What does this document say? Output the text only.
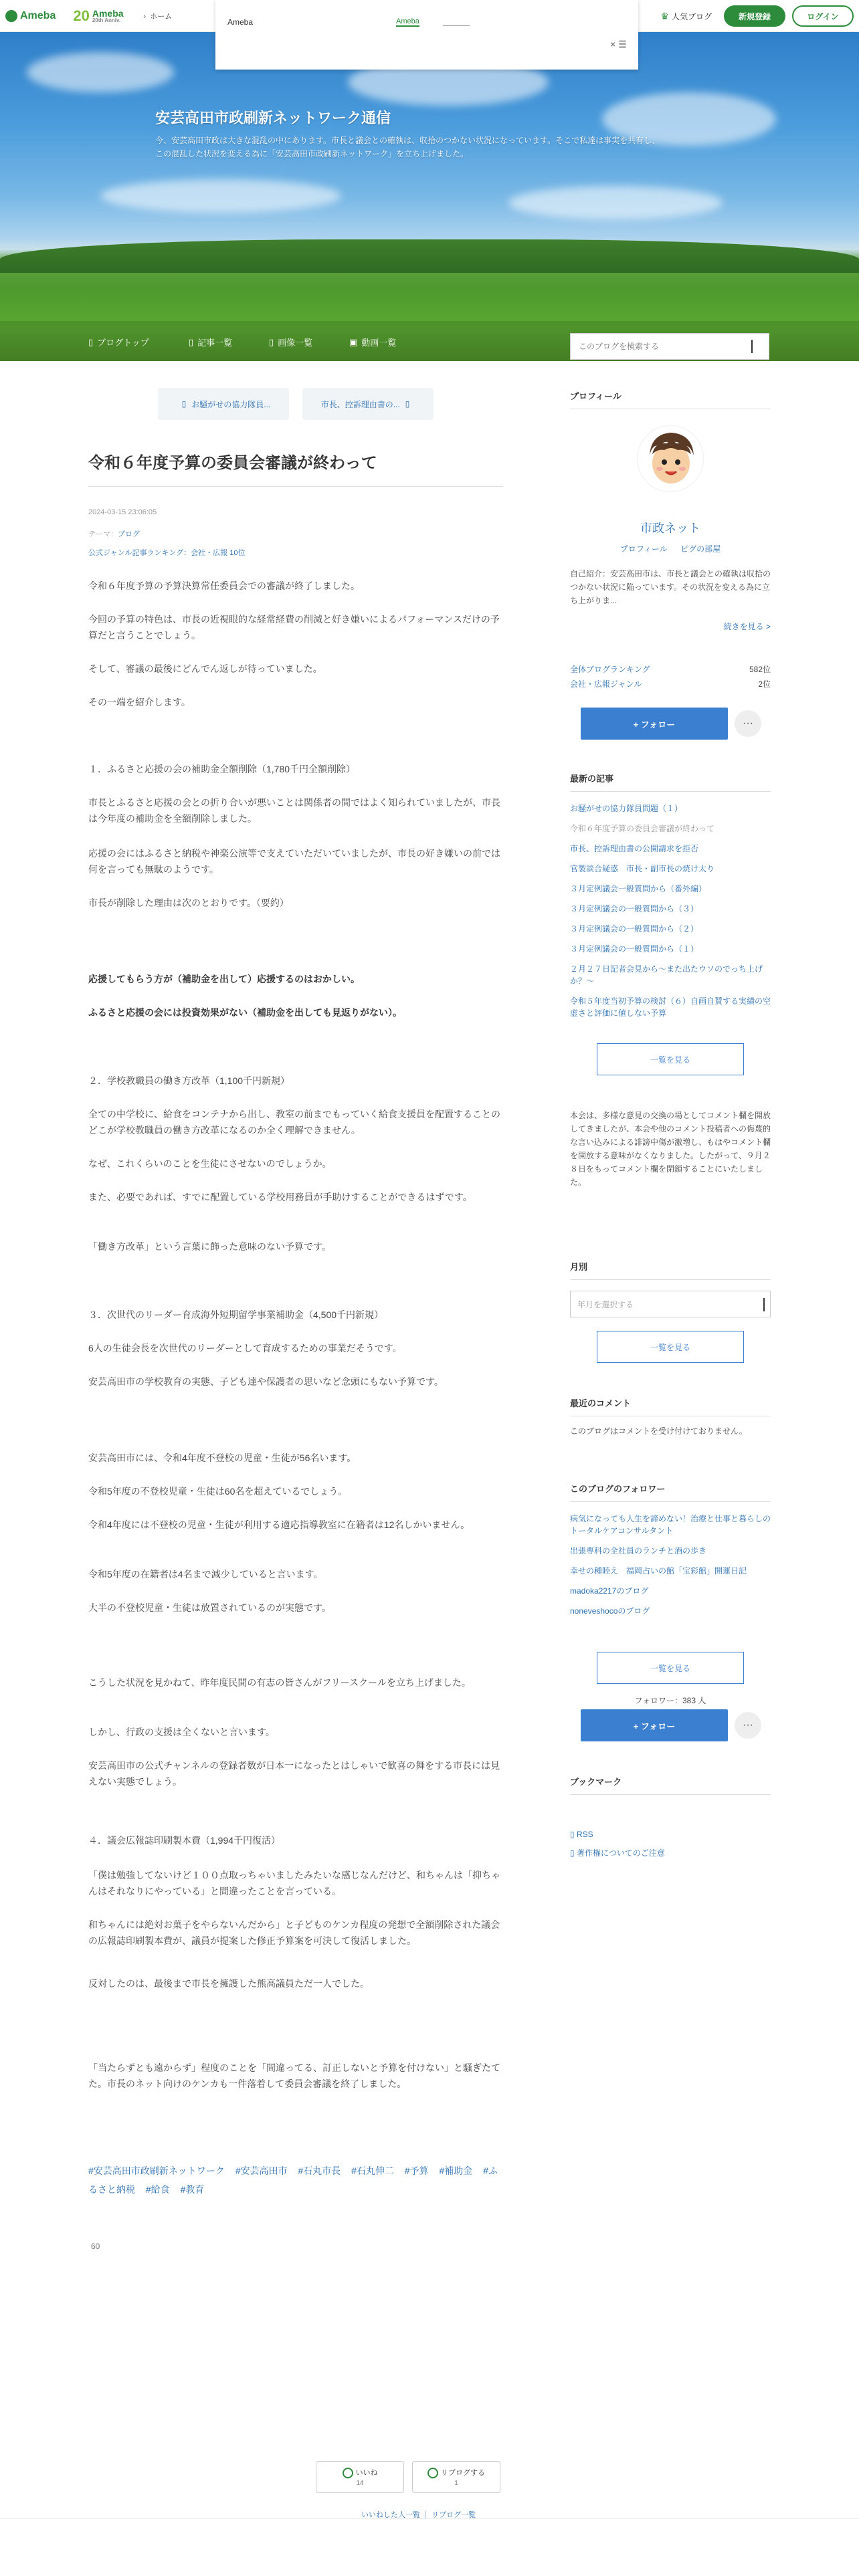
Ameba 20 Ameba
20th Anniv.
›	ホーム	♛ 人気ブログ	新規登録	ログイン
Ameba	Ameba
× ☰
安芸高田市政刷新ネットワーク通信
今、安芸高田市政は大きな混乱の中にあります。市長と議会との確執は、収拾のつかない状況になっています。そこで私達は事実を共有し、この混乱した状況を変える為に「安芸高田市政刷新ネットワーク」を立ち上げました。
▯ ブログトップ	▯ 記事一覧	▯ 画像一覧	▣ 動画一覧
このブログを検索する
▯ お騒がせの協力隊員...	市長、控訴理由書の... ▯
令和６年度予算の委員会審議が終わって
2024-03-15 23:06:05
テーマ：ブログ
公式ジャンル記事ランキング：会社・広報 10位

令和６年度予算の予算決算常任委員会での審議が終了しました。

今回の予算の特色は、市長の近視眼的な経常経費の削減と好き嫌いによるパフォーマンスだけの予算だと言うことでしょう。

そして、審議の最後にどんでん返しが待っていました。

その一端を紹介します。

１．ふるさと応援の会の補助金全額削除（1,780千円全額削除）

市長とふるさと応援の会との折り合いが悪いことは関係者の間ではよく知られていましたが、市長は今年度の補助金を全額削除しました。

応援の会にはふるさと納税や神楽公演等で支えていただいていましたが、市長の好き嫌いの前では何を言っても無駄のようです。

市長が削除した理由は次のとおりです。（要約）

応援してもらう方が（補助金を出して）応援するのはおかしい。

ふるさと応援の会には投資効果がない（補助金を出しても見返りがない）。

２．学校教職員の働き方改革（1,100千円新規）

全ての中学校に、給食をコンテナから出し、教室の前までもっていく給食支援員を配置することのどこが学校教職員の働き方改革になるのか全く理解できません。

なぜ、これくらいのことを生徒にさせないのでしょうか。

また、必要であれば、すでに配置している学校用務員が手助けすることができるはずです。

「働き方改革」という言葉に飾った意味のない予算です。

３．次世代のリーダー育成海外短期留学事業補助金（4,500千円新規）

6人の生徒会長を次世代のリーダーとして育成するための事業だそうです。

安芸高田市の学校教育の実態、子ども達や保護者の思いなど念頭にもない予算です。

安芸高田市には、令和4年度不登校の児童・生徒が56名います。

令和5年度の不登校児童・生徒は60名を超えているでしょう。

令和4年度には不登校の児童・生徒が利用する適応指導教室に在籍者は12名しかいません。

令和5年度の在籍者は4名まで減少していると言います。

大半の不登校児童・生徒は放置されているのが実態です。

こうした状況を見かねて、昨年度民間の有志の皆さんがフリースクールを立ち上げました。

しかし、行政の支援は全くないと言います。

安芸高田市の公式チャンネルの登録者数が日本一になったとはしゃいで歓喜の舞をする市長には見えない実態でしょう。

４．議会広報誌印刷製本費（1,994千円復活）

「僕は勉強してないけど１００点取っちゃいましたみたいな感じなんだけど、和ちゃんは「抑ちゃんはそれなりにやっている」と間違ったことを言っている。

和ちゃんには絶対お菓子をやらないんだから」と子どものケンカ程度の発想で全額削除された議会の広報誌印刷製本費が、議員が提案した修正予算案を可決して復活しました。

反対したのは、最後まで市長を擁護した熊高議員ただ一人でした。

「当たらずとも遠からず」程度のことを「間違ってる、訂正しないと予算を付けない」と騒ぎたてた。市長のネット向けのケンカも一件落着して委員会審議を終了しました。

#安芸高田市政刷新ネットワーク #安芸高田市 #石丸市長 #石丸伸二 #予算 #補助金 #ふるさと納税 #給食 #教育
60
いいね
14
リブログする
1
いいねした人一覧 ｜ リブログ一覧
プロフィール
市政ネット
プロフィール ピグの部屋
自己紹介：安芸高田市は、市長と議会との確執は収拾のつかない状況に陥っています。その状況を変える為に立ち上がりま...
続きを見る >
全体ブログランキング	582位
会社・広報ジャンル	2位
+ フォロー	···
最新の記事
お騒がせの協力隊員問題（１）
令和６年度予算の委員会審議が終わって
市長、控訴理由書の公開請求を拒否
官製談合疑惑　市長・副市長の焼け太り
３月定例議会一般質問から（番外編）
３月定例議会の一般質問から（３）
３月定例議会の一般質問から（２）
３月定例議会の一般質問から（１）
２月２７日記者会見から～また出たウソのでっち上げか？～
令和５年度当初予算の検討（６）自画自賛する実績の空虚さと評価に値しない予算
一覧を見る
本会は、多様な意見の交換の場としてコメント欄を開放してきましたが、本会や他のコメント投稿者への侮蔑的な言い込みによる誹謗中傷が激増し、もはやコメント欄を開放する意味がなくなりました。したがって、９月２８日をもってコメント欄を閉鎖することにいたしました。
月別
年月を選択する
一覧を見る
最近のコメント
このブログはコメントを受け付けておりません。
このブログのフォロワー
病気になっても人生を諦めない！治療と仕事と暮らしのトータルケアコンサルタント
出張専科の全社員のランチと酒の歩き
幸せの種睦え　福岡占いの館「宝彩館」開運日記
madoka2217のブログ
noneveshocoのブログ
一覧を見る
フォロワー：383 人
+ フォロー	···
ブックマーク
▯ RSS
▯ 著作権についてのご注意
